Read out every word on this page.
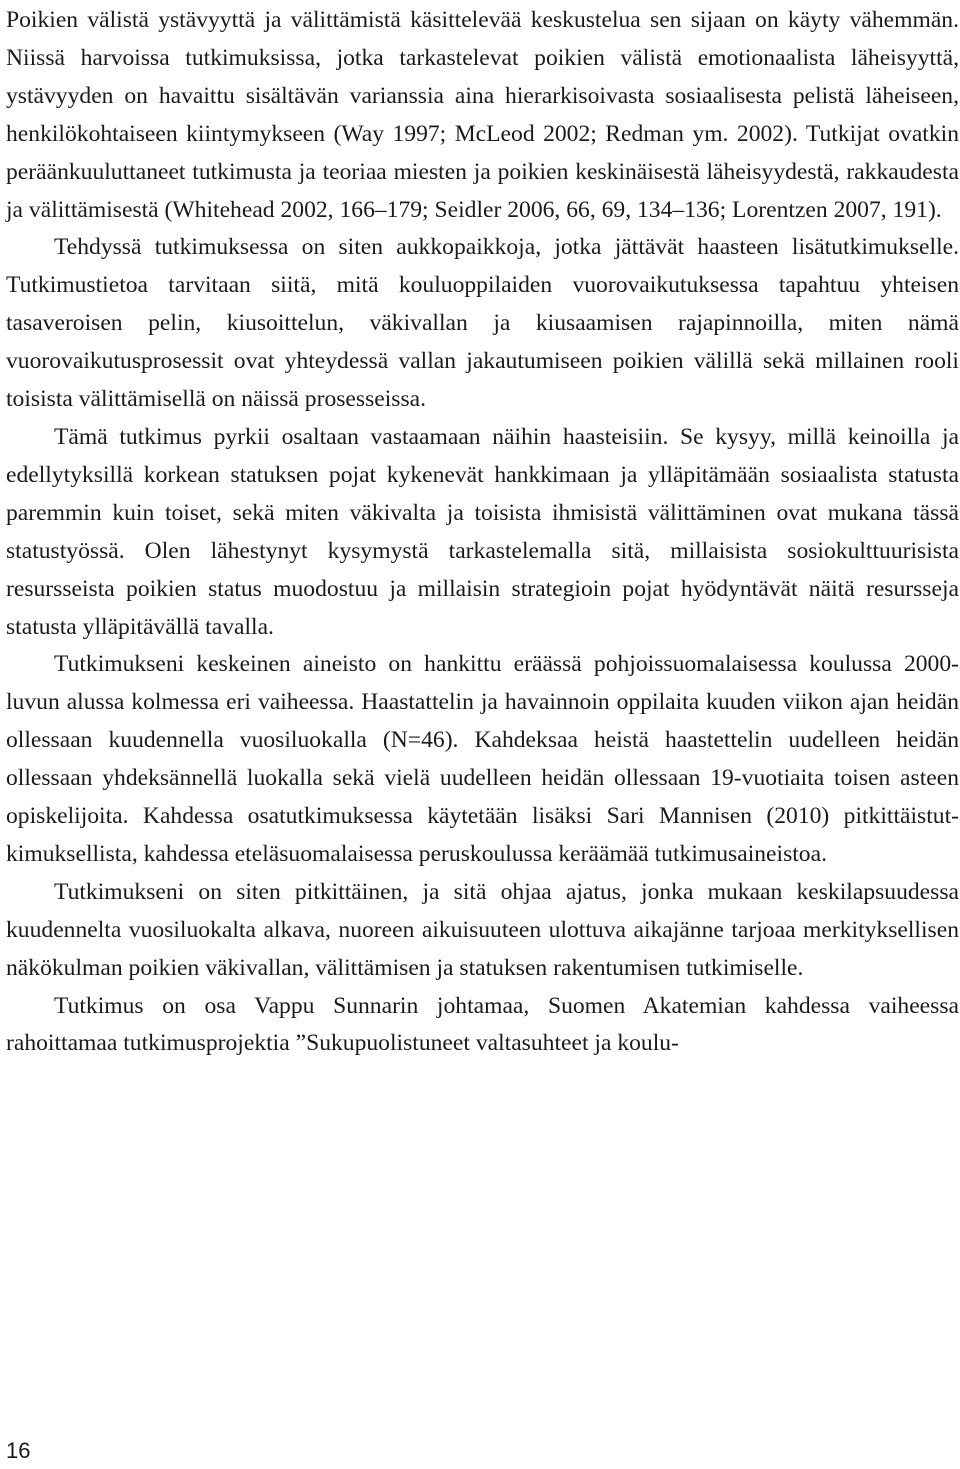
Poikien välistä ystävyyttä ja välittämistä käsittelevää keskustelua sen sijaan on käyty vähemmän. Niissä harvoissa tutkimuksissa, jotka tarkastelevat poikien välistä emotionaalista läheisyyttä, ystävyyden on havaittu sisältävän varianssia aina hierarkisoivasta sosiaalisesta pelistä läheiseen, henkilökohtaiseen kiintymykseen (Way 1997; McLeod 2002; Redman ym. 2002). Tutkijat ovatkin peräänkuuluttaneet tutkimusta ja teoriaa miesten ja poikien keskinäisestä läheisyydestä, rakkaudesta ja välittämisestä (Whitehead 2002, 166–179; Seidler 2006, 66, 69, 134–136; Lorentzen 2007, 191).

Tehdyssä tutkimuksessa on siten aukkopaikkoja, jotka jättävät haasteen lisätutkimukselle. Tutkimustietoa tarvitaan siitä, mitä kouluoppilaiden vuorovaikutuksessa tapahtuu yhteisen tasaveroisen pelin, kiusoittelun, väkivallan ja kiusaamisen rajapinnoilla, miten nämä vuorovaikutusprosessit ovat yhteydessä vallan jakautumiseen poikien välillä sekä millainen rooli toisista välittämisellä on näissä prosesseissa.

Tämä tutkimus pyrkii osaltaan vastaamaan näihin haasteisiin. Se kysyy, millä keinoilla ja edellytyksillä korkean statuksen pojat kykenevät hankkimaan ja ylläpitämään sosiaalista statusta paremmin kuin toiset, sekä miten väkivalta ja toisista ihmisistä välittäminen ovat mukana tässä statustyössä. Olen lähestynyt kysymystä tarkastelemalla sitä, millaisista sosiokulttuurisista resursseista poikien status muodostuu ja millaisin strategioin pojat hyödyntävät näitä resursseja statusta ylläpitävällä tavalla.

Tutkimukseni keskeinen aineisto on hankittu eräässä pohjoissuomalaisessa koulussa 2000-luvun alussa kolmessa eri vaiheessa. Haastattelin ja havainnoin oppilaita kuuden viikon ajan heidän ollessaan kuudennella vuosiluokalla (N=46). Kahdeksaa heistä haastettelin uudelleen heidän ollessaan yhdeksännellä luokalla sekä vielä uudelleen heidän ollessaan 19-vuotiaita toisen asteen opiskelijoita. Kahdessa osatutkimuksessa käytetään lisäksi Sari Mannisen (2010) pitkittäistutkimuksellista, kahdessa eteläsuomalaisessa peruskoulussa keräämää tutkimusaineistoa.

Tutkimukseni on siten pitkittäinen, ja sitä ohjaa ajatus, jonka mukaan keskilapsuudessa kuudennelta vuosiluokalta alkava, nuoreen aikuisuuteen ulottuva aikajänne tarjoaa merkityksellisen näkökulman poikien väkivallan, välittämisen ja statuksen rakentumisen tutkimiselle.

Tutkimus on osa Vappu Sunnarin johtamaa, Suomen Akatemian kahdessa vaiheessa rahoittamaa tutkimusprojektia ”Sukupuolistuneet valtasuhteet ja koulu-

16
